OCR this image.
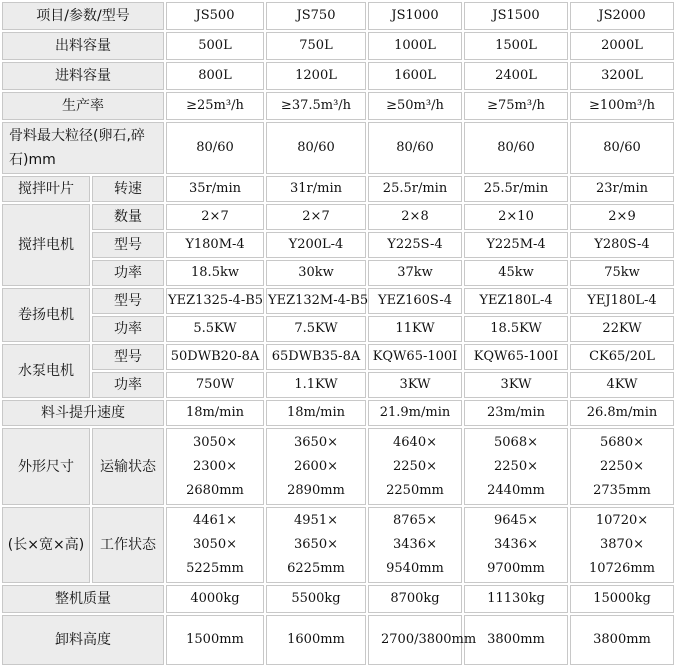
项目/参数/型号		JS500	JS750	JS1000	JS1500	JS2000
出料容量		500L	750L	1000L	1500L	2000L
进料容量		800L	1200L	1600L	2400L	3200L
生产率		≥25m³/h	≥37.5m³/h	≥50m³/h	≥75m³/h	≥100m³/h
骨料最大粒径(卵石,碎石)mm		80/60	80/60	80/60	80/60	80/60
搅拌叶片	转速	35r/min	31r/min	25.5r/min	25.5r/min	23r/min
搅拌电机	数量	2×7	2×7	2×8	2×10	2×9
	型号	Y180M-4	Y200L-4	Y225S-4	Y225M-4	Y280S-4
	功率	18.5kw	30kw	37kw	45kw	75kw
卷扬电机	型号	YEZ1325-4-B5	YEZ132M-4-B5	YEZ160S-4	YEZ180L-4	YEJ180L-4
	功率	5.5KW	7.5KW	11KW	18.5KW	22KW
水泵电机	型号	50DWB20-8A	65DWB35-8A	KQW65-100I	KQW65-100I	CK65/20L
	功率	750W	1.1KW	3KW	3KW	4KW
料斗提升速度		18m/min	18m/min	21.9m/min	23m/min	26.8m/min
外形尺寸	运输状态	3050×
2300×
2680mm	3650×
2600×
2890mm	4640×
2250×
2250mm	5068×
2250×
2440mm	5680×
2250×
2735mm

(长×宽×高)	工作状态	4461×
3050×
5225mm	4951×
3650×
6225mm	8765×
3436×
9540mm	9645×
3436×
9700mm	10720×
3870×
10726mm

整机质量		4000kg	5500kg	8700kg	11130kg	15000kg
卸料高度		1500mm	1600mm	2700/3800mm	3800mm	3800mm
